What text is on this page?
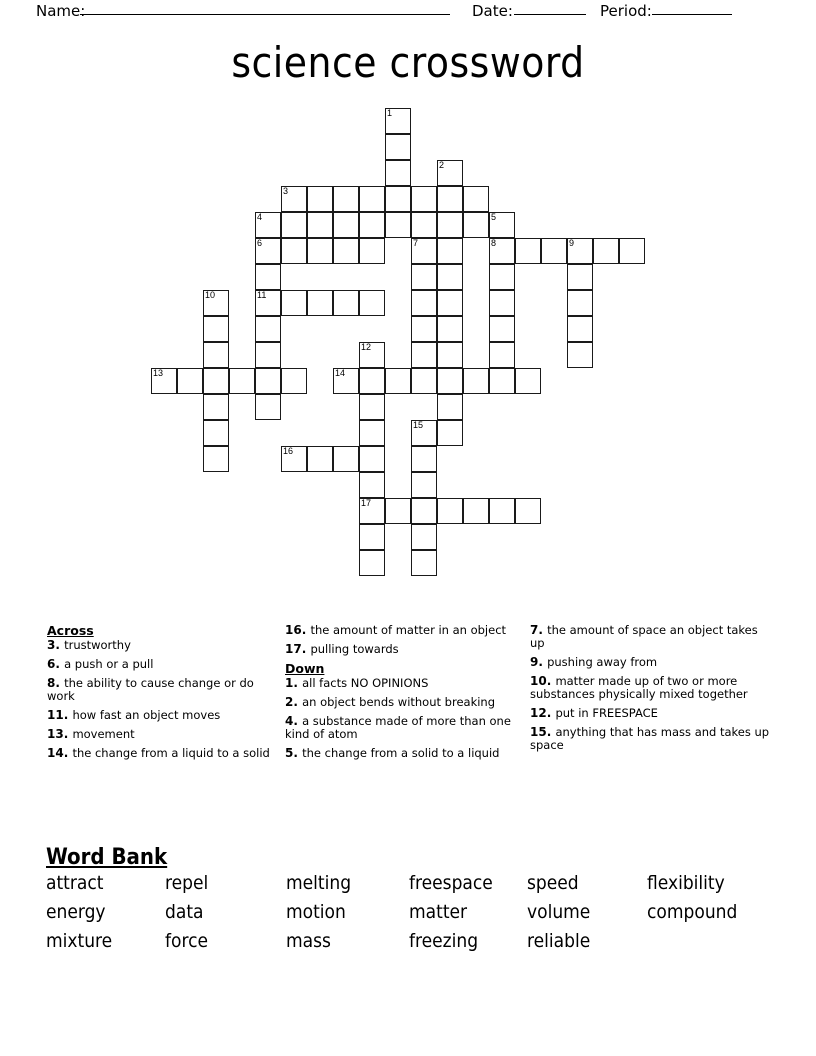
Name:	Date:	Period:
science crossword
1
2
3
4	5
6	7	8	9
10	11
12
13	14
15
16
17
Across

3. trustworthy

6. a push or a pull

8. the ability to cause change or do work

11. how fast an object moves

13. movement

14. the change from a liquid to a solid

16. the amount of matter in an object

17. pulling towards

Down

1. all facts NO OPINIONS

2. an object bends without breaking

4. a substance made of more than one kind of atom

5. the change from a solid to a liquid

7. the amount of space an object takes up

9. pushing away from

10. matter made up of two or more substances physically mixed together

12. put in FREESPACE

15. anything that has mass and takes up space

Word Bank
attract	repel	melting	freespace	speed	flexibility
energy	data	motion	matter	volume	compound
mixture	force	mass	freezing	reliable
